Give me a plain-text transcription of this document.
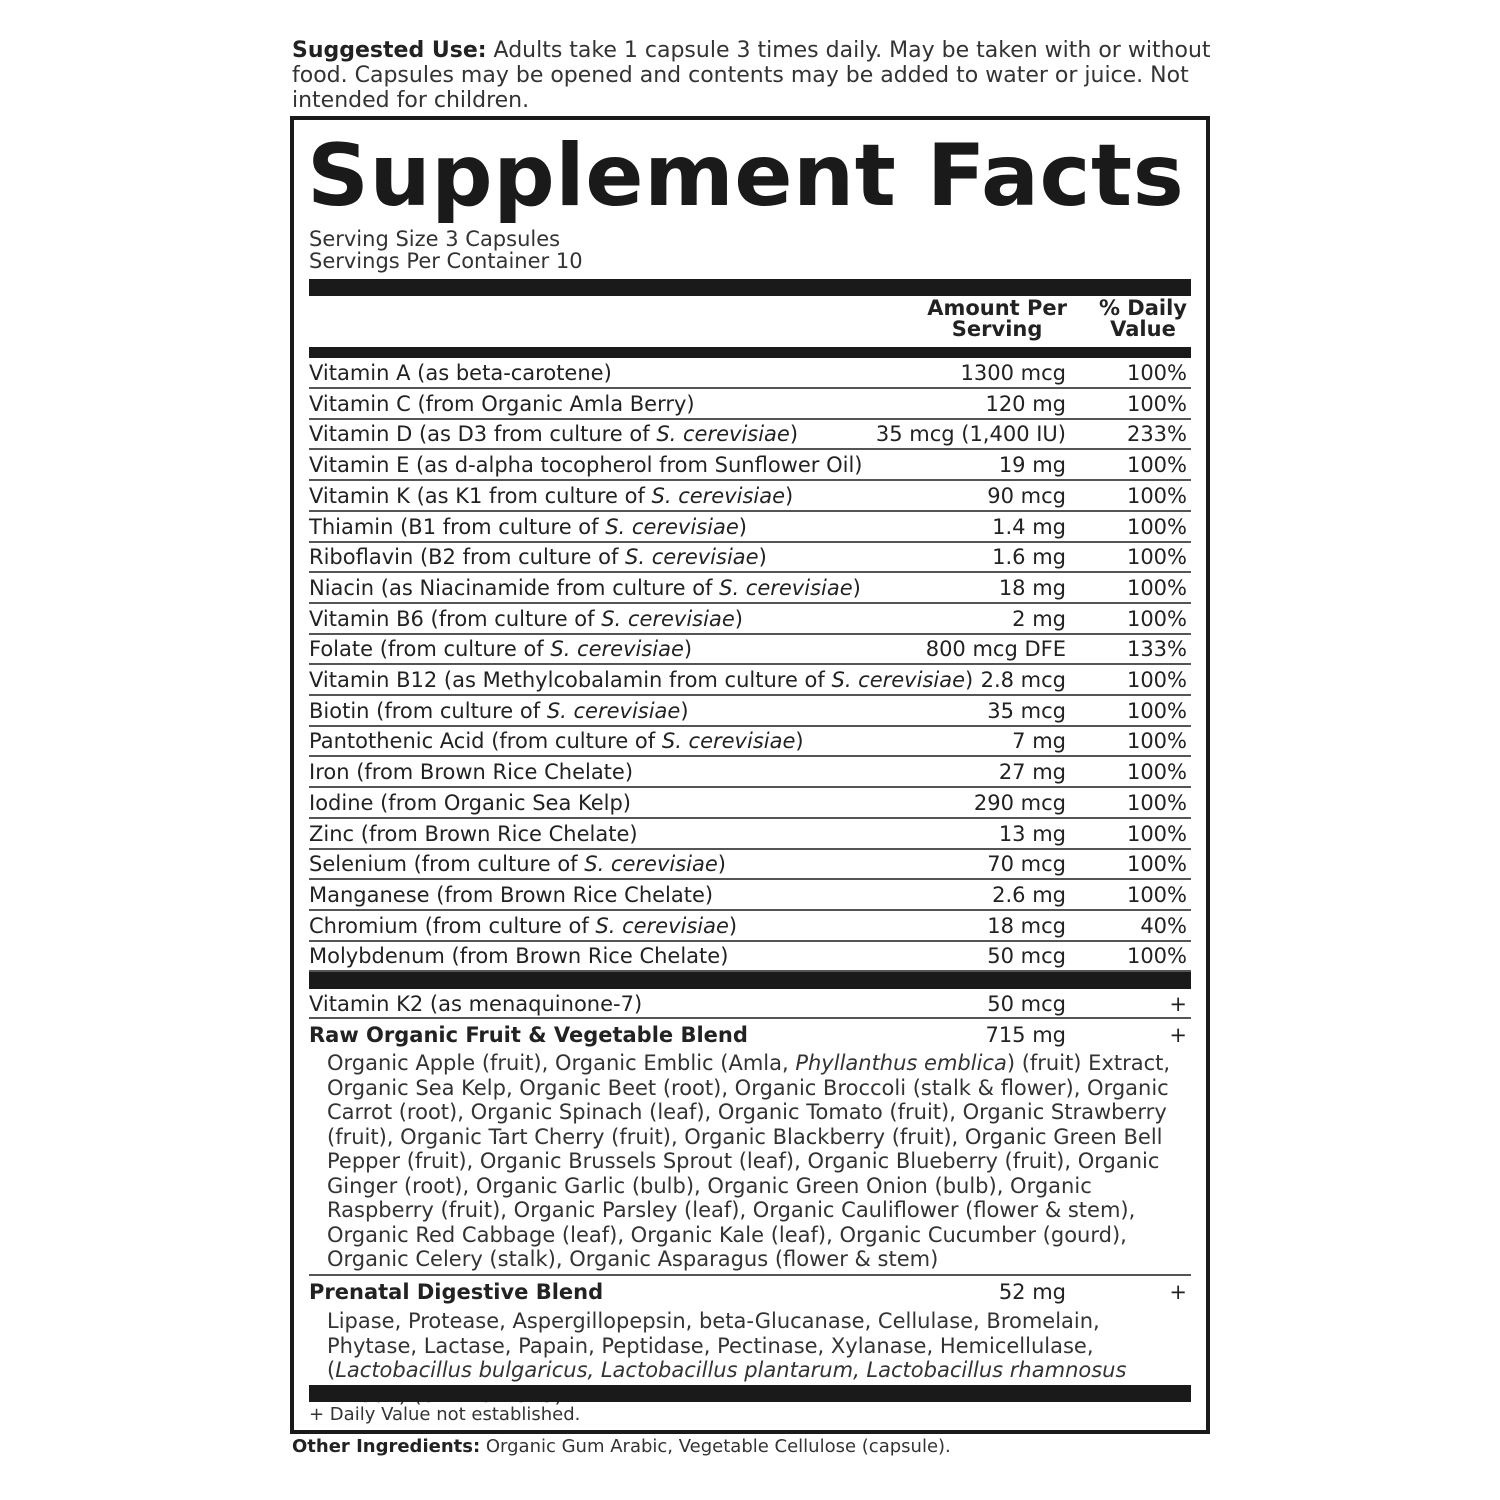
Suggested Use: Adults take 1 capsule 3 times daily. May be taken with or without food. Capsules may be opened and contents may be added to water or juice. Not intended for children.
Supplement Facts
Serving Size 3 Capsules
Servings Per Container 10
Amount Per
Serving
% Daily
Value
Vitamin A (as beta-carotene)	1300 mcg	100%
Vitamin C (from Organic Amla Berry)	120 mg	100%
Vitamin D (as D3 from culture of S. cerevisiae)	35 mcg (1,400 IU)	233%
Vitamin E (as d-alpha tocopherol from Sunflower Oil)	19 mg	100%
Vitamin K (as K1 from culture of S. cerevisiae)	90 mcg	100%
Thiamin (B1 from culture of S. cerevisiae)	1.4 mg	100%
Riboflavin (B2 from culture of S. cerevisiae)	1.6 mg	100%
Niacin (as Niacinamide from culture of S. cerevisiae)	18 mg	100%
Vitamin B6 (from culture of S. cerevisiae)	2 mg	100%
Folate (from culture of S. cerevisiae)	800 mcg DFE	133%
Vitamin B12 (as Methylcobalamin from culture of S. cerevisiae) 2.8 mcg	100%
Biotin (from culture of S. cerevisiae)	35 mcg	100%
Pantothenic Acid (from culture of S. cerevisiae)	7 mg	100%
Iron (from Brown Rice Chelate)	27 mg	100%
Iodine (from Organic Sea Kelp)	290 mcg	100%
Zinc (from Brown Rice Chelate)	13 mg	100%
Selenium (from culture of S. cerevisiae)	70 mcg	100%
Manganese (from Brown Rice Chelate)	2.6 mg	100%
Chromium (from culture of S. cerevisiae)	18 mcg	40%
Molybdenum (from Brown Rice Chelate)	50 mcg	100%
Vitamin K2 (as menaquinone-7)	50 mcg	+
Raw Organic Fruit & Vegetable Blend	715 mg	+
Organic Apple (fruit), Organic Emblic (Amla, Phyllanthus emblica) (fruit) Extract, Organic Sea Kelp, Organic Beet (root), Organic Broccoli (stalk & flower), Organic Carrot (root), Organic Spinach (leaf), Organic Tomato (fruit), Organic Strawberry (fruit), Organic Tart Cherry (fruit), Organic Blackberry (fruit), Organic Green Bell Pepper (fruit), Organic Brussels Sprout (leaf), Organic Blueberry (fruit), Organic Ginger (root), Organic Garlic (bulb), Organic Green Onion (bulb), Organic Raspberry (fruit), Organic Parsley (leaf), Organic Cauliflower (flower & stem), Organic Red Cabbage (leaf), Organic Kale (leaf), Organic Cucumber (gourd), Organic Celery (stalk), Organic Asparagus (flower & stem)
Prenatal Digestive Blend	52 mg	+
Lipase, Protease, Aspergillopepsin, beta-Glucanase, Cellulase, Bromelain, Phytase, Lactase, Papain, Peptidase, Pectinase, Xylanase, Hemicellulase, (Lactobacillus bulgaricus, Lactobacillus plantarum, Lactobacillus rhamnosus
+ Daily Value not established.
Other Ingredients: Organic Gum Arabic, Vegetable Cellulose (capsule).
